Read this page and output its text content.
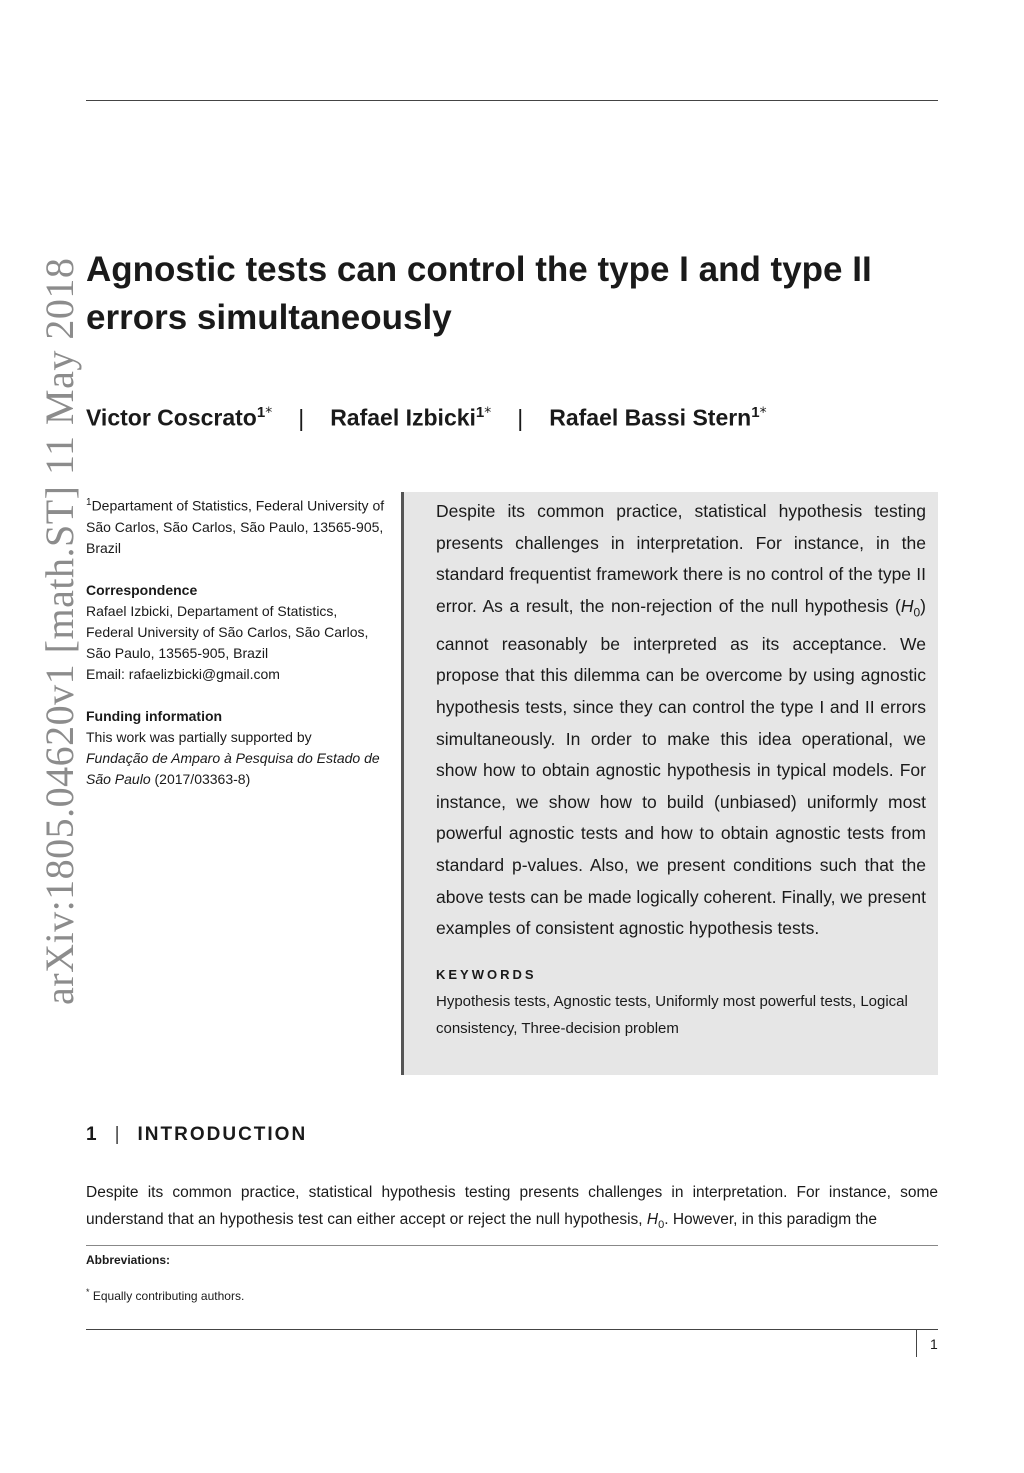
arXiv:1805.04620v1 [math.ST] 11 May 2018 Agnostic tests can control the type I and type II errors simultaneously
Victor Coscrato$^{1*}$ | Rafael Izbicki$^{1*}$ | Rafael Bassi Stern$^{1*}$

$^1$Departament of Statistics, Federal University of São Carlos, São Carlos, São Paulo, 13565-905, Brazil

Correspondence
Rafael Izbicki, Departament of Statistics, Federal University of São Carlos, São Carlos, São Paulo, 13565-905, Brazil
Email: rafaelizbicki@gmail.com

Funding information
This work was partially supported by
Fundação de Amparo à Pesquisa do Estado de São Paulo (2017/03363-8)

Despite its common practice, statistical hypothesis testing presents challenges in interpretation. For instance, in the standard frequentist framework there is no control of the type II error. As a result, the non-rejection of the null hypothesis $(H_0)$ cannot reasonably be interpreted as its acceptance. We propose that this dilemma can be overcome by using agnostic hypothesis tests, since they can control the type I and II errors simultaneously. In order to make this idea operational, we show how to obtain agnostic hypothesis in typical models. For instance, we show how to build (unbiased) uniformly most powerful agnostic tests and how to obtain agnostic tests from standard p-values. Also, we present conditions such that the above tests can be made logically coherent. Finally, we present examples of consistent agnostic hypothesis tests.
KEYWORDS
Hypothesis tests, Agnostic tests, Uniformly most powerful tests, Logical consistency, Three-decision problem
1 | INTRODUCTION
Despite its common practice, statistical hypothesis testing presents challenges in interpretation. For instance, some understand that an hypothesis test can either accept or reject the null hypothesis, $H_0$. However, in this paradigm the
Abbreviations:
* Equally contributing authors.
1
